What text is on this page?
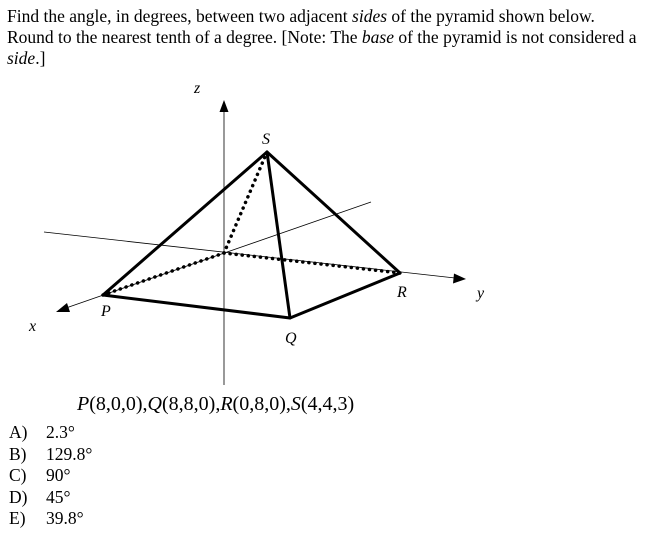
Find the angle, in degrees, between two adjacent sides of the pyramid shown below. Round to the nearest tenth of a degree. [Note: The base of the pyramid is not considered a side.]

z
y
x
S
P
Q
R

P(8,0,0),Q(8,8,0),R(0,8,0),S(4,4,3)

A)	2.3°
B)	129.8°
C)	90°
D)	45°
E)	39.8°
